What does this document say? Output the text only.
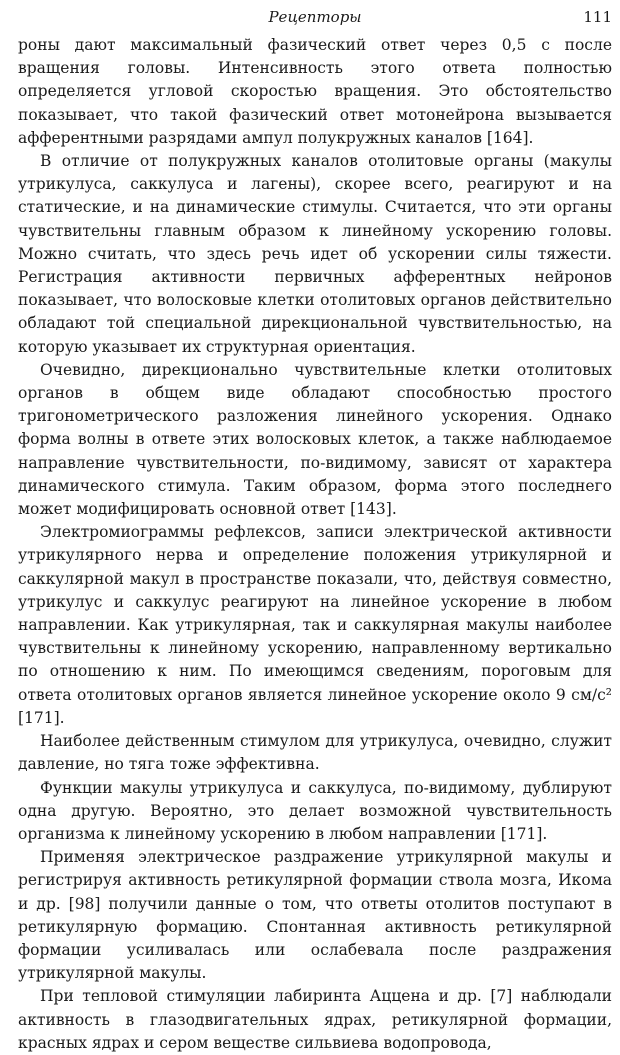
Рецепторы	111

роны дают максимальный фазический ответ через 0,5 с после вращения головы. Интенсивность этого ответа полностью определяется угловой скоростью вращения. Это обстоятельство показывает, что такой фазический ответ мотонейрона вызывается афферентными разрядами ампул полукружных каналов [164].

В отличие от полукружных каналов отолитовые органы (макулы утрикулуса, саккулуса и лагены), скорее всего, реагируют и на статические, и на динамические стимулы. Считается, что эти органы чувствительны главным образом к линейному ускорению головы. Можно считать, что здесь речь идет об ускорении силы тяжести. Регистрация активности первичных афферентных нейронов показывает, что волосковые клетки отолитовых органов действительно обладают той специальной дирекциональной чувствительностью, на которую указывает их структурная ориентация.

Очевидно, дирекционально чувствительные клетки отолитовых органов в общем виде обладают способностью простого тригонометрического разложения линейного ускорения. Однако форма волны в ответе этих волосковых клеток, а также наблюдаемое направление чувствительности, по-видимому, зависят от характера динамического стимула. Таким образом, форма этого последнего может модифицировать основной ответ [143].

Электромиограммы рефлексов, записи электрической активности утрикулярного нерва и определение положения утрикулярной и саккулярной макул в пространстве показали, что, действуя совместно, утрикулус и саккулус реагируют на линейное ускорение в любом направлении. Как утрикулярная, так и саккулярная макулы наиболее чувствительны к линейному ускорению, направленному вертикально по отношению к ним. По имеющимся сведениям, пороговым для ответа отолитовых органов является линейное ускорение около 9 см/с² [171].

Наиболее действенным стимулом для утрикулуса, очевидно, служит давление, но тяга тоже эффективна.

Функции макулы утрикулуса и саккулуса, по-видимому, дублируют одна другую. Вероятно, это делает возможной чувствительность организма к линейному ускорению в любом направлении [171].

Применяя электрическое раздражение утрикулярной макулы и регистрируя активность ретикулярной формации ствола мозга, Икома и др. [98] получили данные о том, что ответы отолитов поступают в ретикулярную формацию. Спонтанная активность ретикулярной формации усиливалась или ослабевала после раздражения утрикулярной макулы.

При тепловой стимуляции лабиринта Аццена и др. [7] наблюдали активность в глазодвигательных ядрах, ретикулярной формации, красных ядрах и сером веществе сильвиева водопровода,
